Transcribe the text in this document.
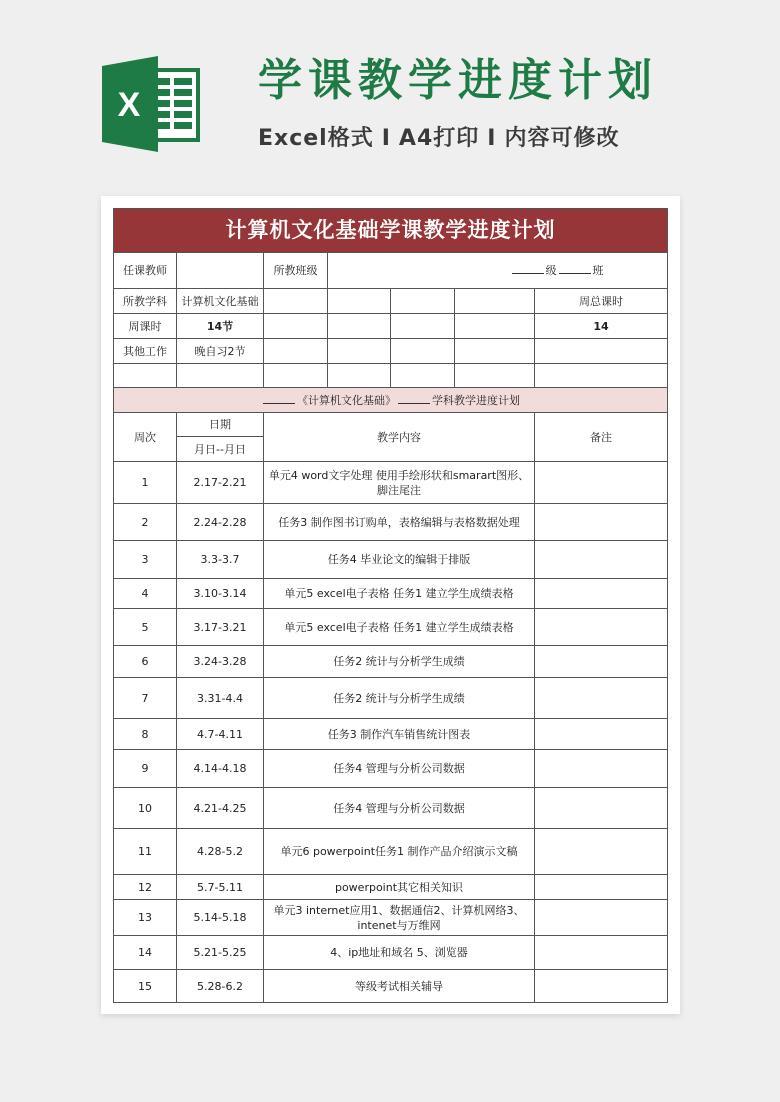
X	学课教学进度计划
Excel格式 I A4打印 I 内容可修改
计算机文化基础学课教学进度计划						
任课教师		所教班级	级 班			
所教学科	计算机文化基础					周总课时
周课时	14节					14
其他工作	晚自习2节					

《计算机文化基础》 学科教学进度计划						
周次	日期	教学内容				备注
	月日--月日					
1	2.17-2.21	单元4 word文字处理 使用手绘形状和smarart图形、脚注尾注				
2	2.24-2.28	任务3 制作图书订购单，表格编辑与表格数据处理				
3	3.3-3.7	任务4 毕业论文的编辑于排版				
4	3.10-3.14	单元5 excel电子表格 任务1 建立学生成绩表格				
5	3.17-3.21	单元5 excel电子表格 任务1 建立学生成绩表格				
6	3.24-3.28	任务2 统计与分析学生成绩				
7	3.31-4.4	任务2 统计与分析学生成绩				
8	4.7-4.11	任务3 制作汽车销售统计图表				
9	4.14-4.18	任务4 管理与分析公司数据				
10	4.21-4.25	任务4 管理与分析公司数据				
11	4.28-5.2	单元6 powerpoint任务1 制作产品介绍演示文稿				
12	5.7-5.11	powerpoint其它相关知识				
13	5.14-5.18	单元3 internet应用1、数据通信2、计算机网络3、intenet与万维网				
14	5.21-5.25	4、ip地址和域名 5、浏览器				
15	5.28-6.2	等级考试相关辅导				
